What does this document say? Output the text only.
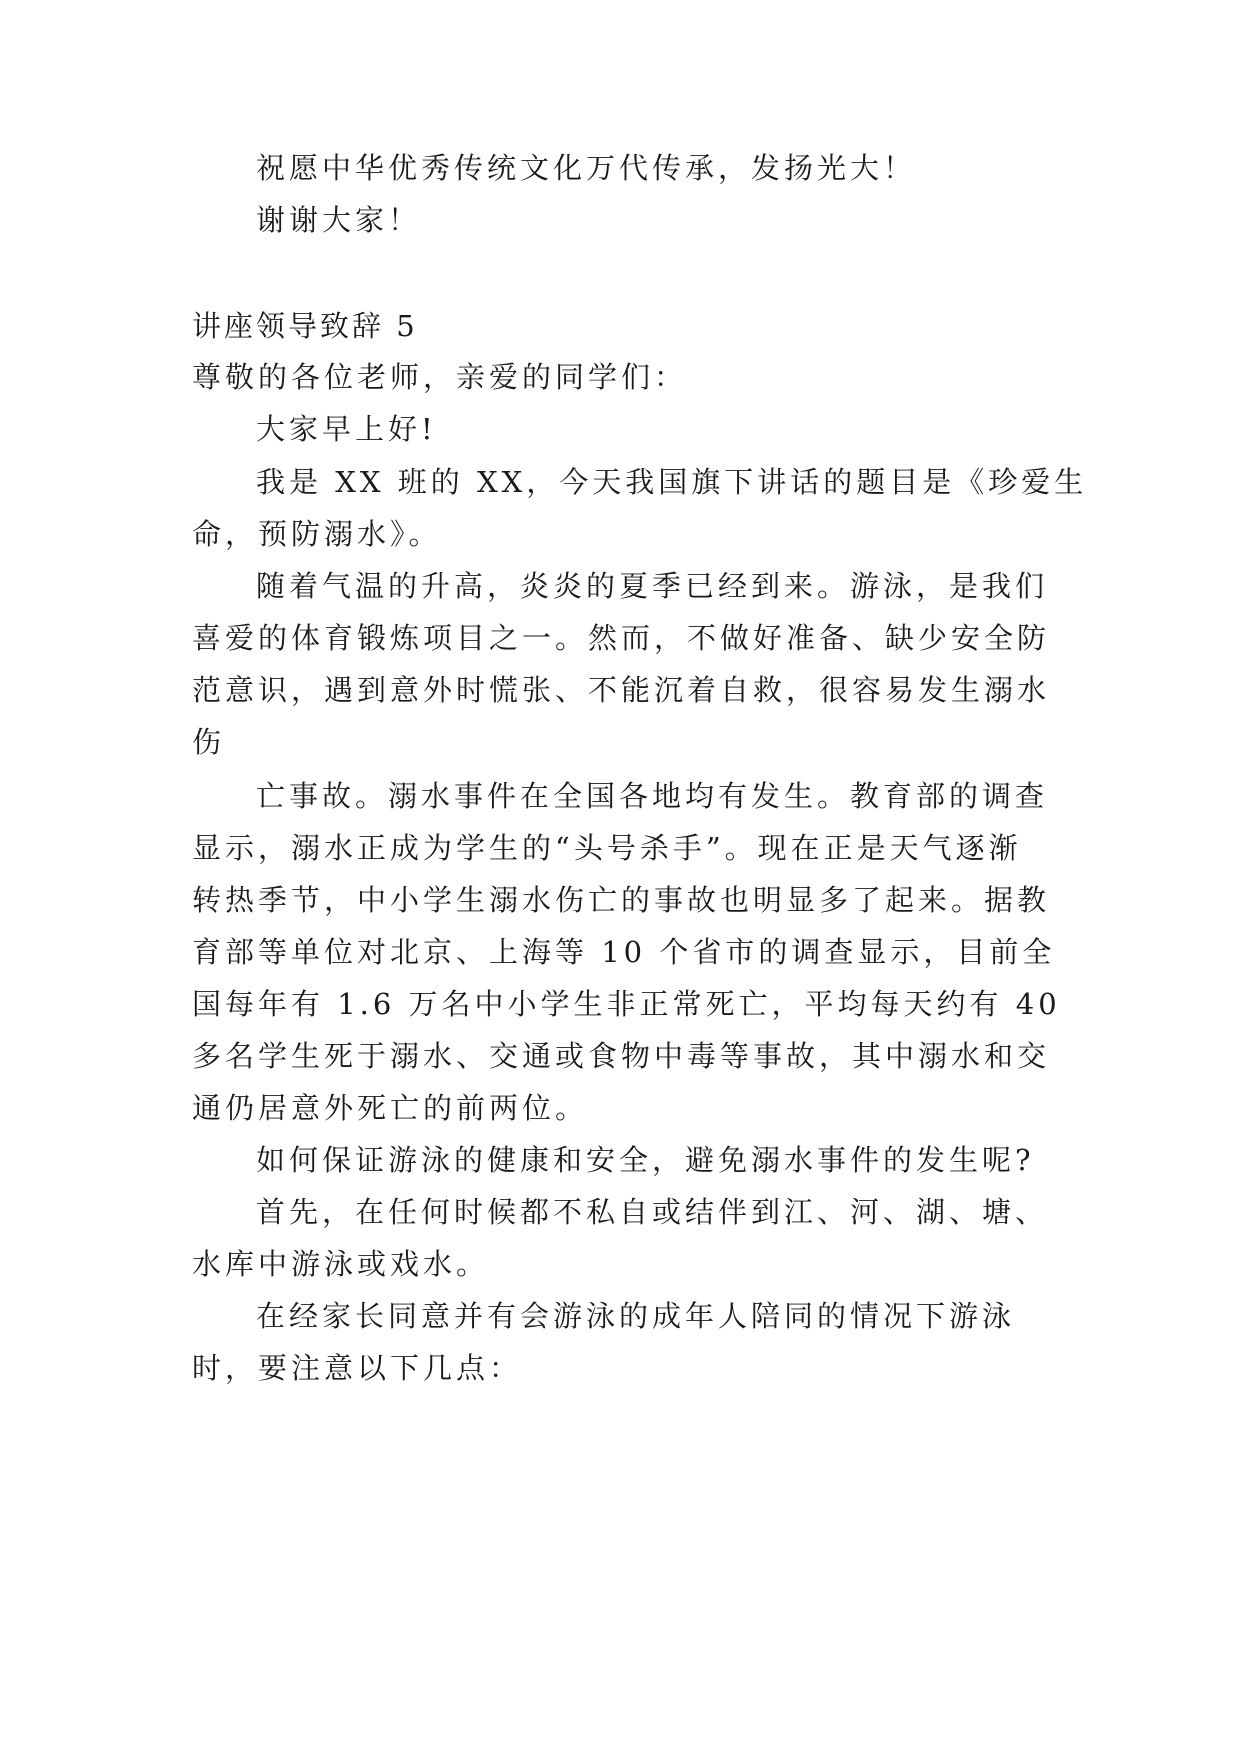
祝愿中华优秀传统文化万代传承，发扬光大！
谢谢大家！
讲座领导致辞 5
尊敬的各位老师，亲爱的同学们：
大家早上好!
我是 XX 班的 XX，今天我国旗下讲话的题目是《珍爱生
命，预防溺水》。
随着气温的升高，炎炎的夏季已经到来。游泳，是我们
喜爱的体育锻炼项目之一。然而，不做好准备、缺少安全防
范意识，遇到意外时慌张、不能沉着自救，很容易发生溺水
伤
亡事故。溺水事件在全国各地均有发生。教育部的调查
显示，溺水正成为学生的“头号杀手”。现在正是天气逐渐
转热季节，中小学生溺水伤亡的事故也明显多了起来。据教
育部等单位对北京、上海等 10 个省市的调查显示，目前全
国每年有 1.6 万名中小学生非正常死亡，平均每天约有 40
多名学生死于溺水、交通或食物中毒等事故，其中溺水和交
通仍居意外死亡的前两位。
如何保证游泳的健康和安全，避免溺水事件的发生呢?
首先，在任何时候都不私自或结伴到江、河、湖、塘、
水库中游泳或戏水。
在经家长同意并有会游泳的成年人陪同的情况下游泳
时，要注意以下几点：
